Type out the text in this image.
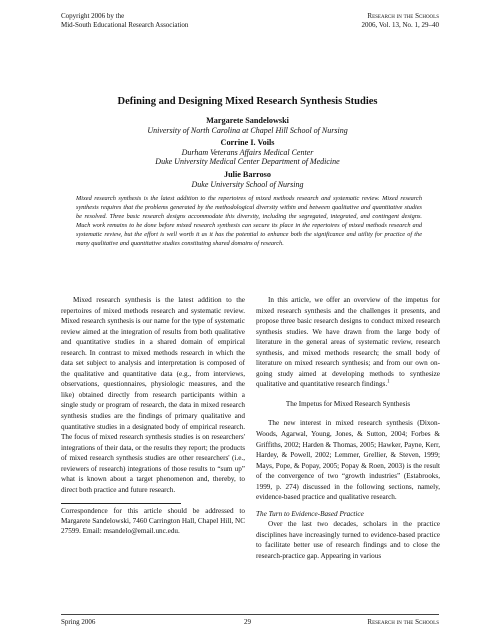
Copyright 2006 by the
Mid-South Educational Research Association
Research in the Schools
2006, Vol. 13, No. 1, 29–40
Defining and Designing Mixed Research Synthesis Studies
Margarete Sandelowski
University of North Carolina at Chapel Hill School of Nursing
Corrine I. Voils
Durham Veterans Affairs Medical Center
Duke University Medical Center Department of Medicine
Julie Barroso
Duke University School of Nursing
Mixed research synthesis is the latest addition to the repertoires of mixed methods research and systematic review. Mixed research synthesis requires that the problems generated by the methodological diversity within and between qualitative and quantitative studies be resolved. Three basic research designs accommodate this diversity, including the segregated, integrated, and contingent designs. Much work remains to be done before mixed research synthesis can secure its place in the repertoires of mixed methods research and systematic review, but the effort is well worth it as it has the potential to enhance both the significance and utility for practice of the many qualitative and quantitative studies constituting shared domains of research.

Mixed research synthesis is the latest addition to the repertoires of mixed methods research and systematic review. Mixed research synthesis is our name for the type of systematic review aimed at the integration of results from both qualitative and quantitative studies in a shared domain of empirical research. In contrast to mixed methods research in which the data set subject to analysis and interpretation is composed of the qualitative and quantitative data (e.g., from interviews, observations, questionnaires, physiologic measures, and the like) obtained directly from research participants within a single study or program of research, the data in mixed research synthesis studies are the findings of primary qualitative and quantitative studies in a designated body of empirical research. The focus of mixed research synthesis studies is on researchers' integrations of their data, or the results they report; the products of mixed research synthesis studies are other researchers' (i.e., reviewers of research) integrations of those results to “sum up” what is known about a target phenomenon and, thereby, to direct both practice and future research.

Correspondence for this article should be addressed to Margarete Sandelowski, 7460 Carrington Hall, Chapel Hill, NC 27599. Email: msandelo@email.unc.edu.

In this article, we offer an overview of the impetus for mixed research synthesis and the challenges it presents, and propose three basic research designs to conduct mixed research synthesis studies. We have drawn from the large body of literature in the general areas of systematic review, research synthesis, and mixed methods research; the small body of literature on mixed research synthesis; and from our own on-going study aimed at developing methods to synthesize qualitative and quantitative research findings.$^1$

The Impetus for Mixed Research Synthesis

The new interest in mixed research synthesis (Dixon-Woods, Agarwal, Young, Jones, & Sutton, 2004; Forbes & Griffiths, 2002; Harden & Thomas, 2005; Hawker, Payne, Kerr, Hardey, & Powell, 2002; Lemmer, Grellier, & Steven, 1999; Mays, Pope, & Popay, 2005; Popay & Roen, 2003) is the result of the convergence of two “growth industries” (Estabrooks, 1999, p. 274) discussed in the following sections, namely, evidence-based practice and qualitative research.

The Turn to Evidence-Based Practice

Over the last two decades, scholars in the practice disciplines have increasingly turned to evidence-based practice to facilitate better use of research findings and to close the research-practice gap. Appearing in various

Spring 2006	29	Research in the Schools
